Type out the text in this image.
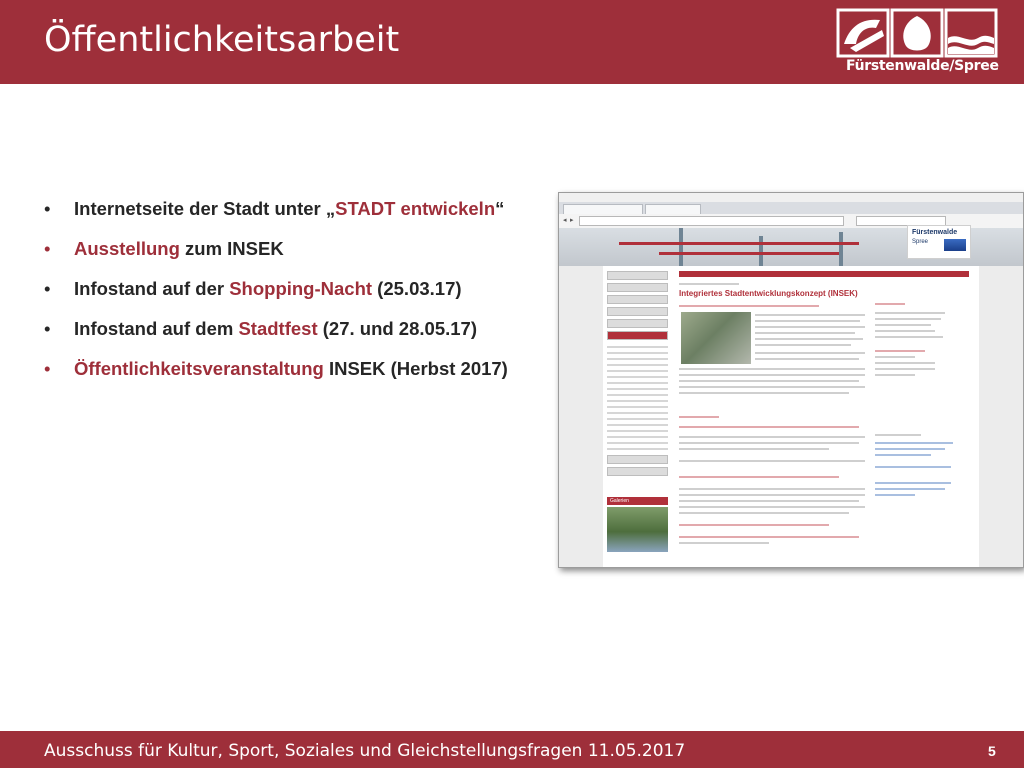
Öffentlichkeitsarbeit
Fürstenwalde/Spree
• Internetseite der Stadt unter „STADT entwickeln“
• Ausstellung zum INSEK
• Infostand auf der Shopping-Nacht (25.03.17)
• Infostand auf dem Stadtfest (27. und 28.05.17)
• Öffentlichkeitsveranstaltung INSEK (Herbst 2017)
◂ ▸
Fürstenwalde
Spree
Galerien
Integriertes Stadtentwicklungskonzept (INSEK)
Ausschuss für Kultur, Sport, Soziales und Gleichstellungsfragen 11.05.2017	5
